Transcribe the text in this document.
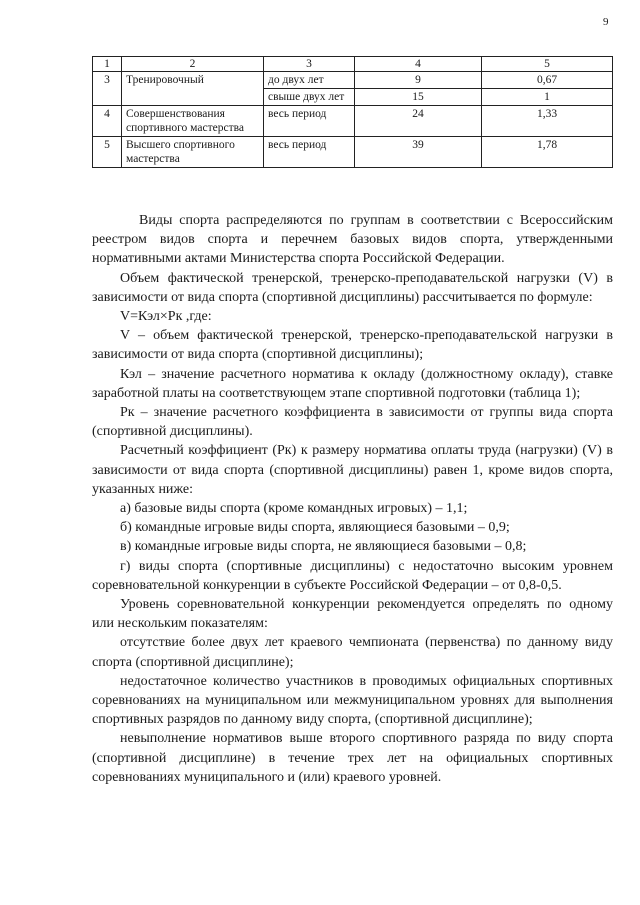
9
1	2	3	4	5
3	Тренировочный	до двух лет	9	0,67
		свыше двух лет	15	1
4	Совершенствования спортивного мастерства	весь период	24	1,33
5	Высшего спортивного мастерства	весь период	39	1,78

Виды спорта распределяются по группам в соответствии с Всероссийским реестром видов спорта и перечнем базовых видов спорта, утвержденными нормативными актами Министерства спорта Российской Федерации.

Объем фактической тренерской, тренерско-преподавательской нагрузки (V) в зависимости от вида спорта (спортивной дисциплины) рассчитывается по формуле:

V=Кэл×Рк ,где:

V – объем фактической тренерской, тренерско-преподавательской нагрузки в зависимости от вида спорта (спортивной дисциплины);

Кэл – значение расчетного норматива к окладу (должностному окладу), ставке заработной платы на соответствующем этапе спортивной подготовки (таблица 1);

Рк – значение расчетного коэффициента в зависимости от группы вида спорта (спортивной дисциплины).

Расчетный коэффициент (Рк) к размеру норматива оплаты труда (нагрузки) (V) в зависимости от вида спорта (спортивной дисциплины) равен 1, кроме видов спорта, указанных ниже:

а) базовые виды спорта (кроме командных игровых) – 1,1;

б) командные игровые виды спорта, являющиеся базовыми – 0,9;

в) командные игровые виды спорта, не являющиеся базовыми – 0,8;

г) виды спорта (спортивные дисциплины) с недостаточно высоким уровнем соревновательной конкуренции в субъекте Российской Федерации – от 0,8-0,5.

Уровень соревновательной конкуренции рекомендуется определять по одному или нескольким показателям:

отсутствие более двух лет краевого чемпионата (первенства) по данному виду спорта (спортивной дисциплине);

недостаточное количество участников в проводимых официальных спортивных соревнованиях на муниципальном или межмуниципальном уровнях для выполнения спортивных разрядов по данному виду спорта, (спортивной дисциплине);

невыполнение нормативов выше второго спортивного разряда по виду спорта (спортивной дисциплине) в течение трех лет на официальных спортивных соревнованиях муниципального и (или) краевого уровней.
